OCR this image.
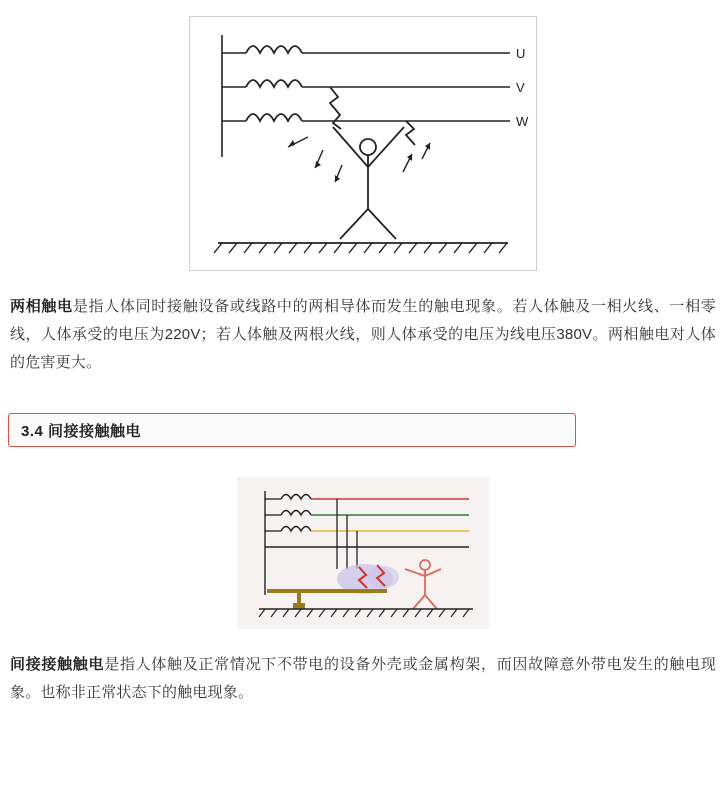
U
V
W

两相触电是指人体同时接触设备或线路中的两相导体而发生的触电现象。若人体触及一相火线、一相零线，人体承受的电压为220V；若人体触及两根火线，则人体承受的电压为线电压380V。两相触电对人体的危害更大。

3.4 间接接触触电

间接接触触电是指人体触及正常情况下不带电的设备外壳或金属构架，而因故障意外带电发生的触电现象。也称非正常状态下的触电现象。
